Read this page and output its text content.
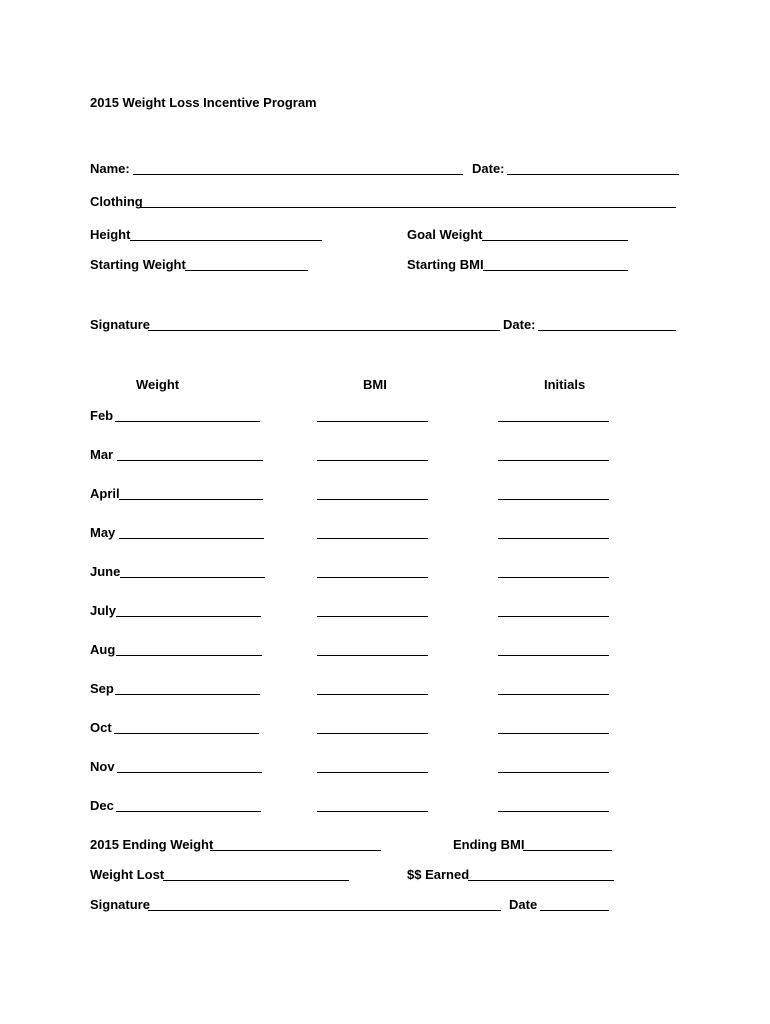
2015 Weight Loss Incentive Program
Name:	Date:
Clothing
Height	Goal Weight
Starting Weight	Starting BMI
Signature	Date:
Weight	BMI	Initials
Feb
Mar
April
May
June
July
Aug
Sep
Oct
Nov
Dec
2015 Ending Weight	Ending BMI
Weight Lost	$$ Earned
Signature	Date
